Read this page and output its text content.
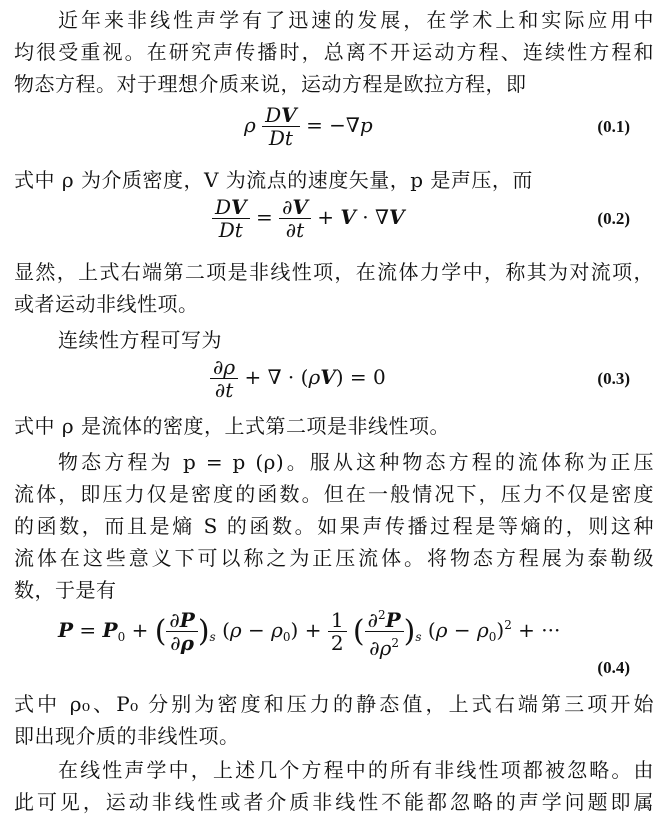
近年来非线性声学有了迅速的发展，在学术上和实际应用中
均很受重视。在研究声传播时，总离不开运动方程、连续性方程和
物态方程。对于理想介质来说，运动方程是欧拉方程，即
ρ $\frac{DV}{Dt} = -\nabla p$	(0.1)
式中 ρ 为介质密度，V 为流点的速度矢量，p 是声压，而
$\frac{DV}{Dt} = \frac{\partial V}{\partial t} + V \cdot \nabla V$	(0.2)
显然，上式右端第二项是非线性项，在流体力学中，称其为对流项，
或者运动非线性项。
连续性方程可写为
$\frac{\partial\rho}{\partial t}$ + ∇ · (ρV) = 0	(0.3)
式中 ρ 是流体的密度，上式第二项是非线性项。
物态方程为 p = p (ρ)。服从这种物态方程的流体称为正压
流体，即压力仅是密度的函数。但在一般情况下，压力不仅是密度
的函数，而且是熵 S 的函数。如果声传播过程是等熵的，则这种
流体在这些意义下可以称之为正压流体。将物态方程展为泰勒级
数，于是有
$P = P_0$ + ( $\frac{\partial P}{\partial\rho} )_s$ $(\rho - \rho_0) + \frac{1}{2}$ ( $\frac{\partial^2P}{\partial\rho^2} )_s$ $(\rho - \rho_0)^2$ + ···
(0.4)
式中 ρ₀、P₀ 分别为密度和压力的静态值，上式右端第三项开始
即出现介质的非线性项。
在线性声学中，上述几个方程中的所有非线性项都被忽略。由
此可见，运动非线性或者介质非线性不能都忽略的声学问题即属
